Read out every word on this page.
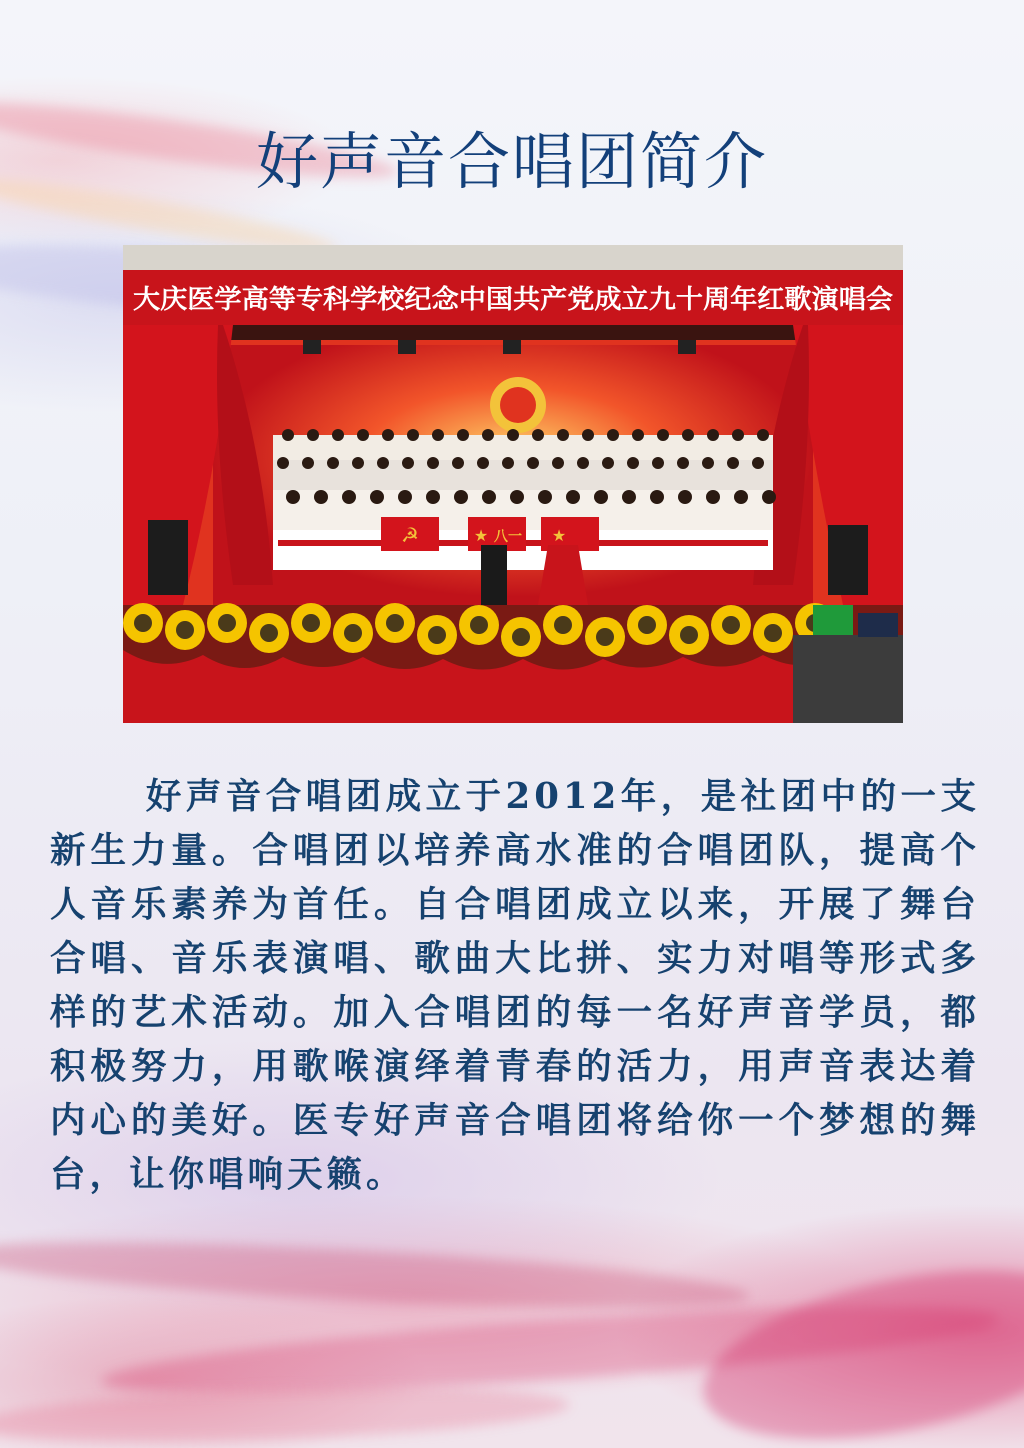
好声音合唱团简介
大庆医学高等专科学校纪念中国共产党成立九十周年红歌演唱会
☭	八一
★	★

好声音合唱团成立于2012年，是社团中的一支新生力量。合唱团以培养高水准的合唱团队，提高个人音乐素养为首任。自合唱团成立以来，开展了舞台合唱、音乐表演唱、歌曲大比拼、实力对唱等形式多样的艺术活动。加入合唱团的每一名好声音学员，都积极努力，用歌喉演绎着青春的活力，用声音表达着内心的美好。医专好声音合唱团将给你一个梦想的舞台，让你唱响天籁。
